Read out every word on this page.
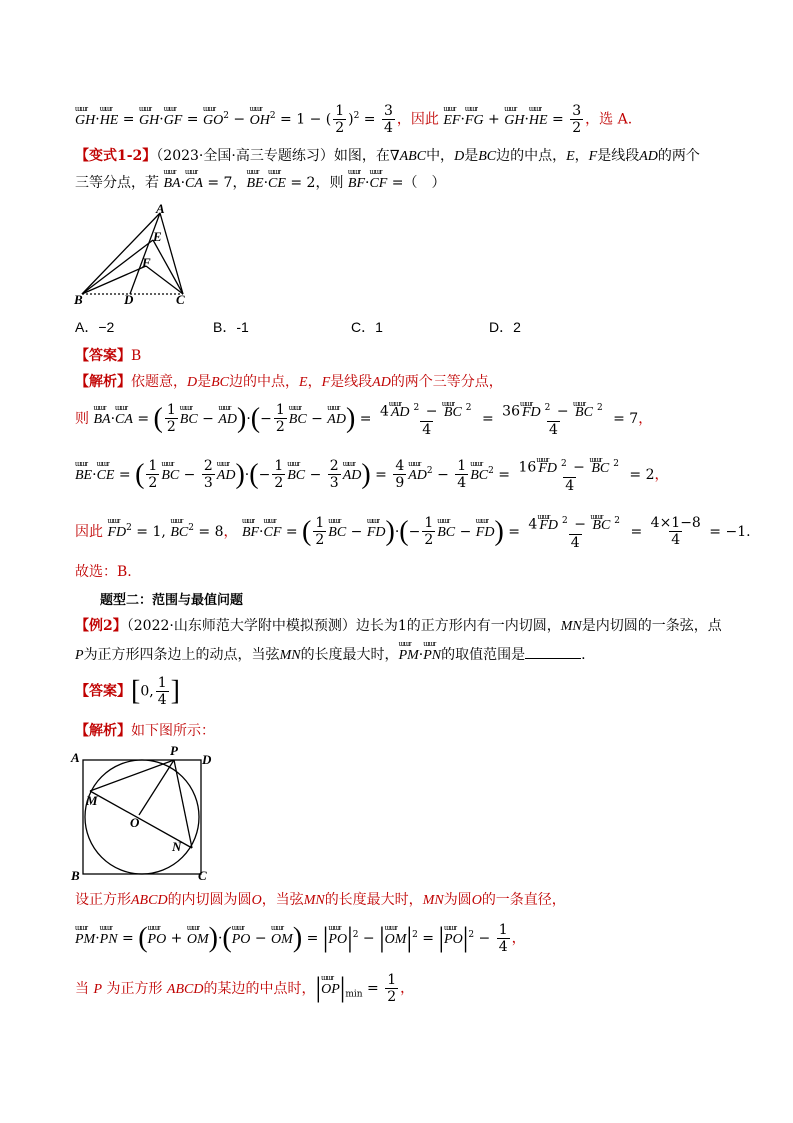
ɯɯr GH·ɯɯr HE = ɯɯr GH·ɯɯr GF = ɯɯr $GO^2$ − ɯɯr $OH^2 = 1$ − ( $\frac{1}{2} )^2 = \frac{3}{4}$ ，因此 ɯɯr EF·ɯɯr FG + ɯɯr GH·ɯɯr HE = $\frac{3}{2}$ ，选 A.
【变式1-2】（2023·全国·高三专题练习）如图，在∇ABC中，D是BC边的中点，E，F是线段AD的两个
三等分点，若 ɯɯr BA·ɯɯr CA = 7，ɯɯr BE·ɯɯr CE = 2，则 ɯɯr BF·ɯɯr CF =（　）
A
E
F
B	D	C
A．−2	B．-1	C．1	D．2
【答案】B
【解析】依题意，D是BC边的中点，E，F是线段AD的两个三等分点，
则 ɯɯr BA·ɯɯr CA = ( $\frac{1}{2}$ ɯɯr BC − ɯɯr $AD)\cdot(- \frac{1}{2}$ ɯɯr BC − ɯɯr $AD) = \frac{4 ɯɯr AD ^2 - ɯɯr BC ^2}{4} = \frac{36 ɯɯr FD ^2 - ɯɯr BC ^2}{4} = 7$，
ɯɯr BE·ɯɯr CE = ( $\frac{1}{2}$ ɯɯr BC − $\frac{2}{3}$ ɯɯr $AD)\cdot(- \frac{1}{2}$ ɯɯr BC − $\frac{2}{3}$ ɯɯr $AD) = \frac{4}{9}$ ɯɯr $AD^2 - \frac{1}{4}$ ɯɯr $BC^2 = \frac{16 ɯɯr FD ^2 - ɯɯr BC ^2}{4} = 2$，
因此 ɯɯr $FD^2 = 1$, ɯɯr $BC^2 = 8$， ɯɯr BF·ɯɯr CF = ( $\frac{1}{2}$ ɯɯr BC − ɯɯr $FD)\cdot(- \frac{1}{2}$ ɯɯr BC − ɯɯr $FD) = \frac{4 ɯɯr FD ^2 - ɯɯr BC ^2}{4} = \frac{4\times 1-8}{4} = -1$.
故选：B.
题型二：范围与最值问题
【例2】（2022·山东师范大学附中模拟预测）边长为1的正方形内有一内切圆，MN是内切圆的一条弦，点
P为正方形四条边上的动点，当弦MN的长度最大时，ɯɯr PM·ɯɯr PN的取值范围是	.
【答案】[0, $\frac{1}{4}$ ]
【解析】如下图所示：
A	P
D
M
O
N
B	C
设正方形ABCD的内切圆为圆O，当弦MN的长度最大时，MN为圆O的一条直径，
ɯɯr PM·ɯɯr PN = (ɯɯr PO + ɯɯr OM)·(ɯɯr PO − ɯɯr OM) = |ɯɯr $PO|^2$ − |ɯɯr $OM|^2$ = |ɯɯr $PO|^2 - \frac{1}{4}$ ，
当 P 为正方形 ABCD的某边的中点时，|ɯɯr $OP|_{min} = \frac{1}{2}$ ，
